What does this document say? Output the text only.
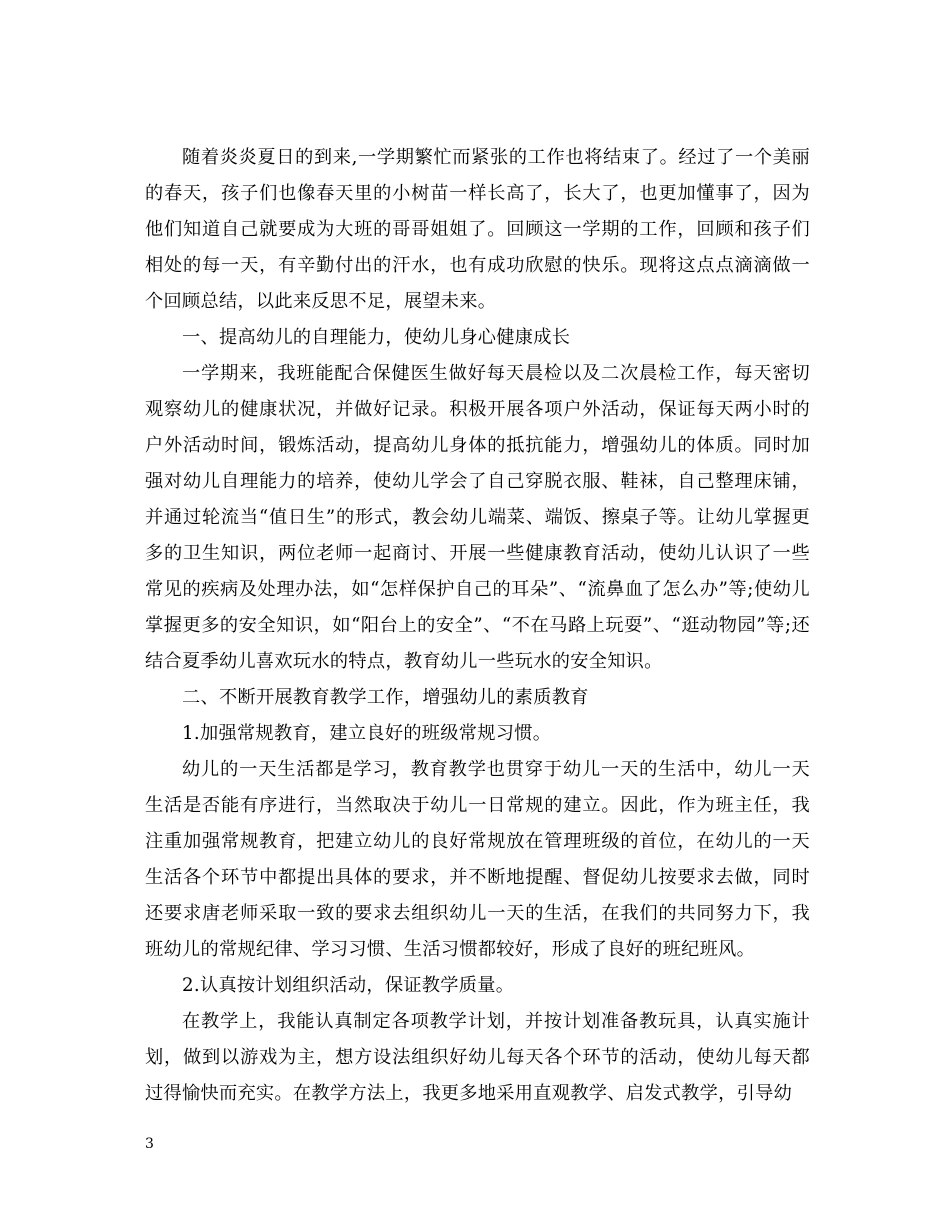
随着炎炎夏日的到来,一学期繁忙而紧张的工作也将结束了。经过了一个美丽的春天，孩子们也像春天里的小树苗一样长高了，长大了，也更加懂事了，因为他们知道自己就要成为大班的哥哥姐姐了。回顾这一学期的工作，回顾和孩子们相处的每一天，有辛勤付出的汗水，也有成功欣慰的快乐。现将这点点滴滴做一个回顾总结，以此来反思不足，展望未来。

一、提高幼儿的自理能力，使幼儿身心健康成长

一学期来，我班能配合保健医生做好每天晨检以及二次晨检工作，每天密切观察幼儿的健康状况，并做好记录。积极开展各项户外活动，保证每天两小时的户外活动时间，锻炼活动，提高幼儿身体的抵抗能力，增强幼儿的体质。同时加强对幼儿自理能力的培养，使幼儿学会了自己穿脱衣服、鞋袜，自己整理床铺，并通过轮流当“值日生”的形式，教会幼儿端菜、端饭、擦桌子等。让幼儿掌握更多的卫生知识，两位老师一起商讨、开展一些健康教育活动，使幼儿认识了一些常见的疾病及处理办法，如“怎样保护自己的耳朵”、“流鼻血了怎么办”等;使幼儿掌握更多的安全知识，如“阳台上的安全”、“不在马路上玩耍”、“逛动物园”等;还结合夏季幼儿喜欢玩水的特点，教育幼儿一些玩水的安全知识。

二、不断开展教育教学工作，增强幼儿的素质教育

1.加强常规教育，建立良好的班级常规习惯。

幼儿的一天生活都是学习，教育教学也贯穿于幼儿一天的生活中，幼儿一天生活是否能有序进行，当然取决于幼儿一日常规的建立。因此，作为班主任，我注重加强常规教育，把建立幼儿的良好常规放在管理班级的首位，在幼儿的一天生活各个环节中都提出具体的要求，并不断地提醒、督促幼儿按要求去做，同时还要求唐老师采取一致的要求去组织幼儿一天的生活，在我们的共同努力下，我班幼儿的常规纪律、学习习惯、生活习惯都较好，形成了良好的班纪班风。

2.认真按计划组织活动，保证教学质量。

在教学上，我能认真制定各项教学计划，并按计划准备教玩具，认真实施计划，做到以游戏为主，想方设法组织好幼儿每天各个环节的活动，使幼儿每天都过得愉快而充实。在教学方法上，我更多地采用直观教学、启发式教学，引导幼

3
